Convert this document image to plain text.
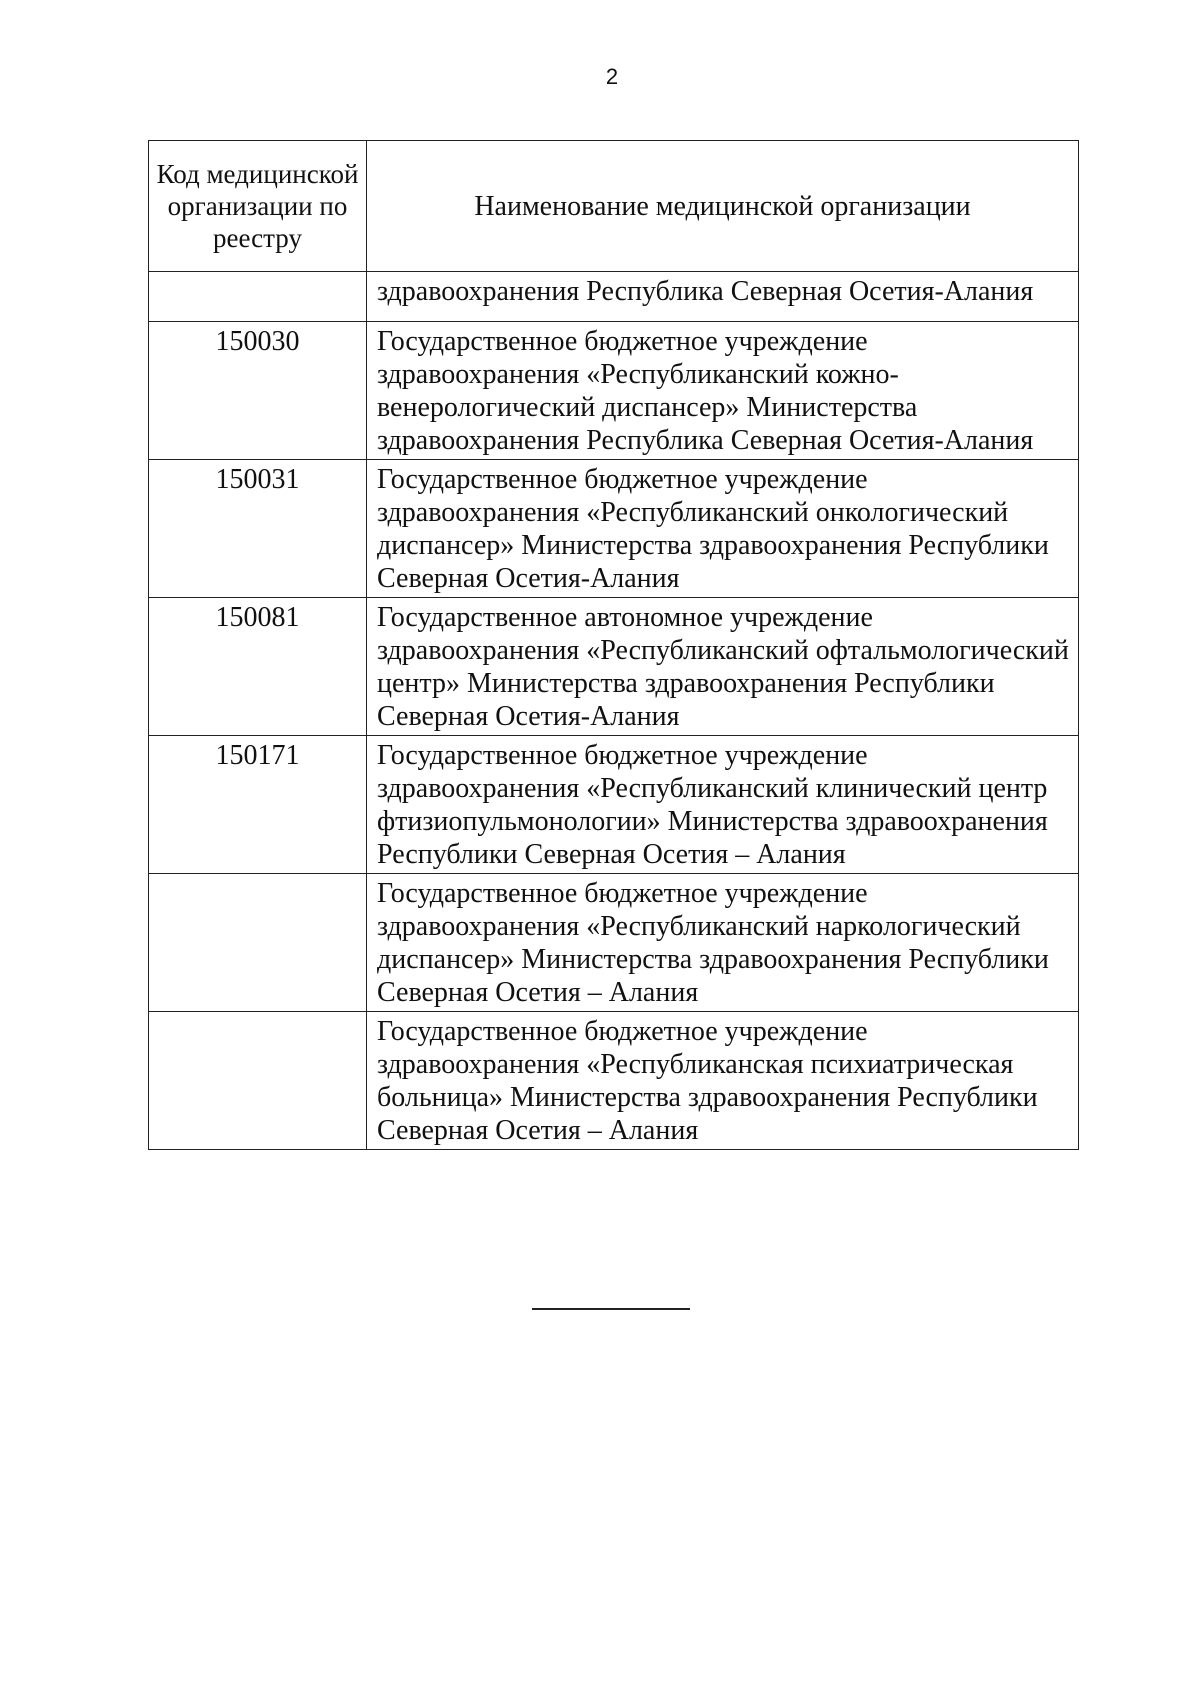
2
Код медицинской организации по реестру	Наименование медицинской организации
	здравоохранения Республика Северная Осетия-Алания
150030	Государственное бюджетное учреждение здравоохранения «Республиканский кожно-венерологический диспансер» Министерства здравоохранения Республика Северная Осетия-Алания
150031	Государственное бюджетное учреждение здравоохранения «Республиканский онкологический диспансер» Министерства здравоохранения Республики Северная Осетия-Алания
150081	Государственное автономное учреждение здравоохранения «Республиканский офтальмологический центр» Министерства здравоохранения Республики Северная Осетия-Алания
150171	Государственное бюджетное учреждение здравоохранения «Республиканский клинический центр фтизиопульмонологии» Министерства здравоохранения Республики Северная Осетия – Алания
	Государственное бюджетное учреждение здравоохранения «Республиканский наркологический диспансер» Министерства здравоохранения Республики Северная Осетия – Алания
	Государственное бюджетное учреждение здравоохранения «Республиканская психиатрическая больница» Министерства здравоохранения Республики Северная Осетия – Алания
